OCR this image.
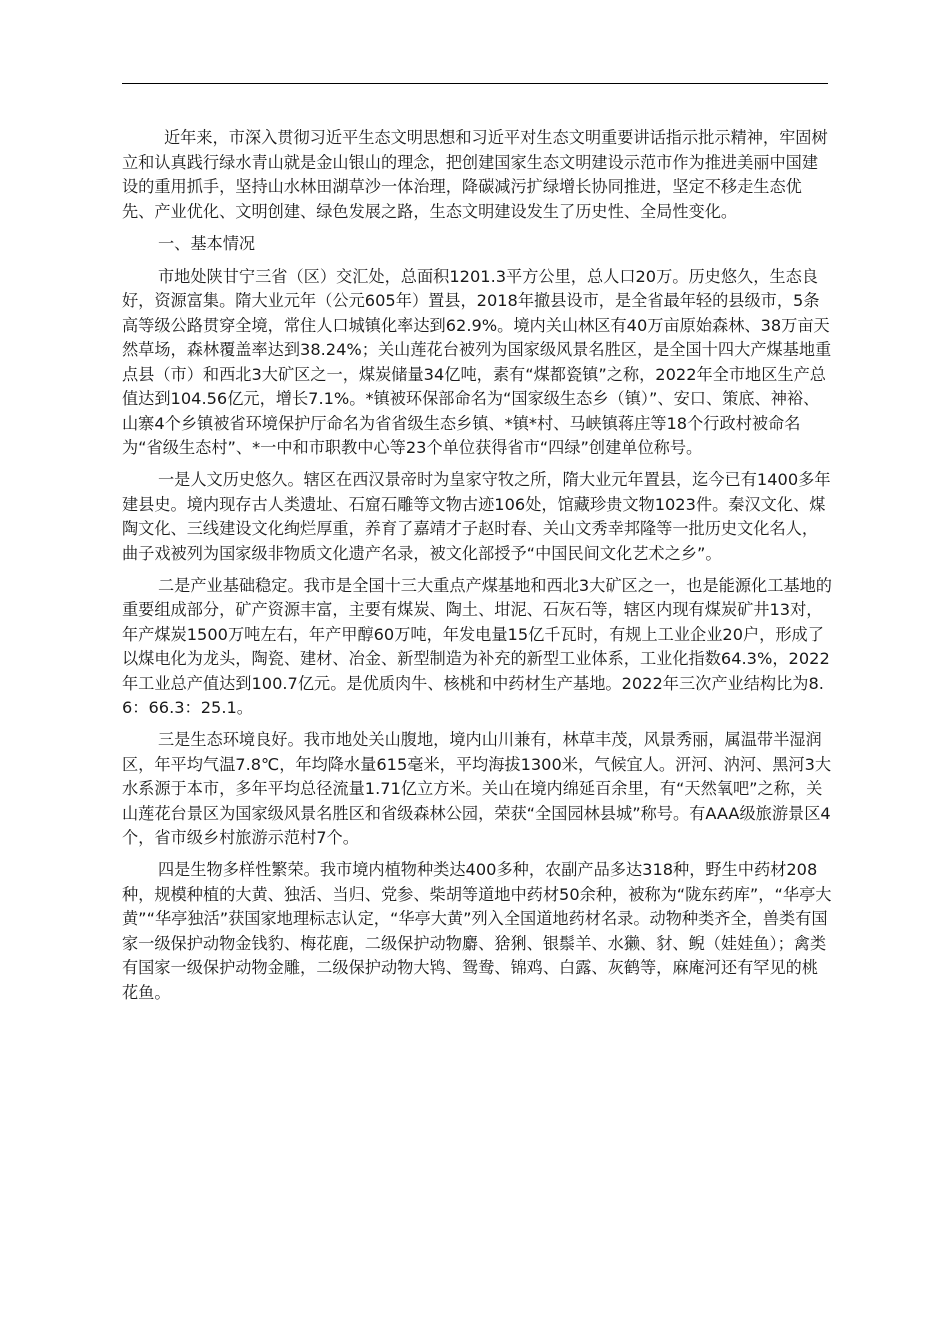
近年来，市深入贯彻习近平生态文明思想和习近平对生态文明重要讲话指示批示精神，牢固树立和认真践行绿水青山就是金山银山的理念，把创建国家生态文明建设示范市作为推进美丽中国建设的重用抓手，坚持山水林田湖草沙一体治理，降碳减污扩绿增长协同推进，坚定不移走生态优先、产业优化、文明创建、绿色发展之路，生态文明建设发生了历史性、全局性变化。

一、基本情况

市地处陕甘宁三省（区）交汇处，总面积1201.3平方公里，总人口20万。历史悠久，生态良好，资源富集。隋大业元年（公元605年）置县，2018年撤县设市，是全省最年轻的县级市，5条高等级公路贯穿全境，常住人口城镇化率达到62.9%。境内关山林区有40万亩原始森林、38万亩天然草场，森林覆盖率达到38.24%；关山莲花台被列为国家级风景名胜区，是全国十四大产煤基地重点县（市）和西北3大矿区之一，煤炭储量34亿吨，素有“煤都瓷镇”之称，2022年全市地区生产总值达到104.56亿元，增长7.1%。*镇被环保部命名为“国家级生态乡（镇）”、安口、策底、神裕、山寨4个乡镇被省环境保护厅命名为省省级生态乡镇、*镇*村、马峡镇蒋庄等18个行政村被命名为“省级生态村”、*一中和市职教中心等23个单位获得省市“四绿”创建单位称号。

一是人文历史悠久。辖区在西汉景帝时为皇家守牧之所，隋大业元年置县，迄今已有1400多年建县史。境内现存古人类遗址、石窟石雕等文物古迹106处，馆藏珍贵文物1023件。秦汉文化、煤陶文化、三线建设文化绚烂厚重，养育了嘉靖才子赵时春、关山文秀幸邦隆等一批历史文化名人，曲子戏被列为国家级非物质文化遗产名录，被文化部授予“中国民间文化艺术之乡”。

二是产业基础稳定。我市是全国十三大重点产煤基地和西北3大矿区之一，也是能源化工基地的重要组成部分，矿产资源丰富，主要有煤炭、陶土、坩泥、石灰石等，辖区内现有煤炭矿井13对，年产煤炭1500万吨左右，年产甲醇60万吨，年发电量15亿千瓦时，有规上工业企业20户，形成了以煤电化为龙头，陶瓷、建材、冶金、新型制造为补充的新型工业体系，工业化指数64.3%，2022年工业总产值达到100.7亿元。是优质肉牛、核桃和中药材生产基地。2022年三次产业结构比为8.6：66.3：25.1。

三是生态环境良好。我市地处关山腹地，境内山川兼有，林草丰茂，风景秀丽，属温带半湿润区，年平均气温7.8℃，年均降水量615毫米，平均海拔1300米，气候宜人。汧河、汭河、黑河3大水系源于本市，多年平均总径流量1.71亿立方米。关山在境内绵延百余里，有“天然氧吧”之称，关山莲花台景区为国家级风景名胜区和省级森林公园，荣获“全国园林县城”称号。有AAA级旅游景区4个，省市级乡村旅游示范村7个。

四是生物多样性繁荣。我市境内植物种类达400多种，农副产品多达318种，野生中药材208种，规模种植的大黄、独活、当归、党参、柴胡等道地中药材50余种，被称为“陇东药库”，“华亭大黄”“华亭独活”获国家地理标志认定，“华亭大黄”列入全国道地药材名录。动物种类齐全，兽类有国家一级保护动物金钱豹、梅花鹿，二级保护动物麝、猞猁、银鬃羊、水獭、豺、鲵（娃娃鱼）；禽类有国家一级保护动物金雕，二级保护动物大鸨、鸳鸯、锦鸡、白露、灰鹤等，麻庵河还有罕见的桃花鱼。
